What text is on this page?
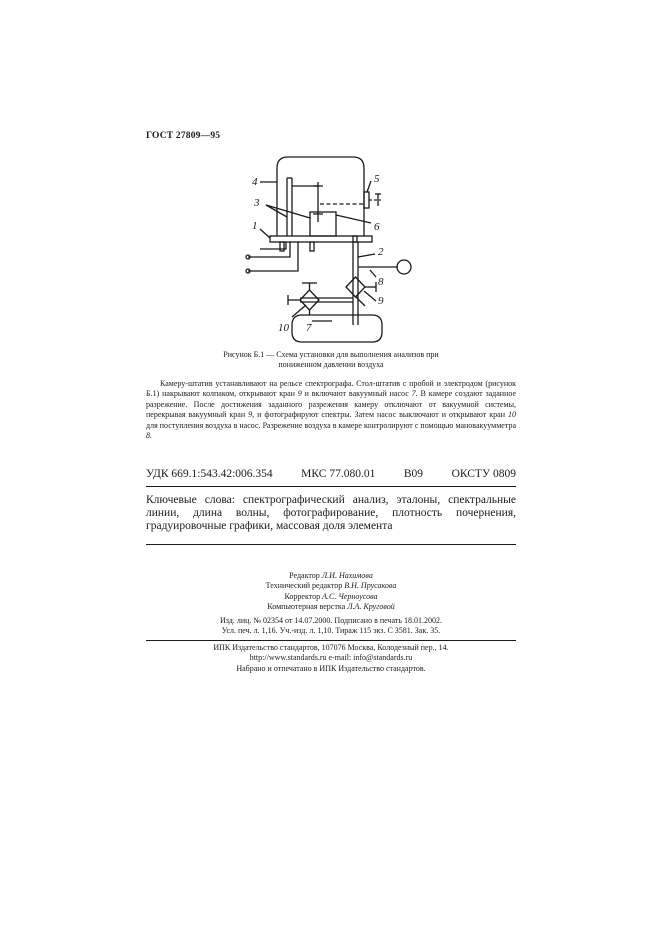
ГОСТ 27809—95
4
3
1
5
6
2
8
9
10 7
Рисунок Б.1 — Схема установки для выполнения анализов при
пониженном давлении воздуха
Камеру-штатив устанавливают на рельсе спектрографа. Стол-штатив с пробой и электродом (рисунок Б.1) накрывают колпаком, открывают кран 9 и включают вакуумный насос 7. В камере создают заданное разрежение. После достижения заданного разрежения камеру отключают от вакуумной системы, перекрывая вакуумный кран 9, и фотографируют спектры. Затем насос выключают и открывают кран 10 для поступления воздуха в насос. Разрежение воздуха в камере контролируют с помощью мановакуумметра 8.
УДК 669.1:543.42:006.354 МКС 77.080.01 В09 ОКСТУ 0809
Ключевые слова: спектрографический анализ, эталоны, спектральные линии, длина волны, фотографирование, плотность почернения, градуировочные графики, массовая доля элемента
Редактор Л.И. Нахимова
Технический редактор В.Н. Прусакова
Корректор А.С. Черноусова
Компьютерная верстка Л.А. Круговой
Изд. лиц. № 02354 от 14.07.2000. Подписано в печать 18.01.2002.
Усл. печ. л. 1,16. Уч.-изд. л. 1,10. Тираж 115 экз. С 3581. Зак. 35.
ИПК Издательство стандартов, 107076 Москва, Колодезный пер., 14.
http://www.standards.ru e-mail: info@standards.ru
Набрано и отпечатано в ИПК Издательство стандартов.
